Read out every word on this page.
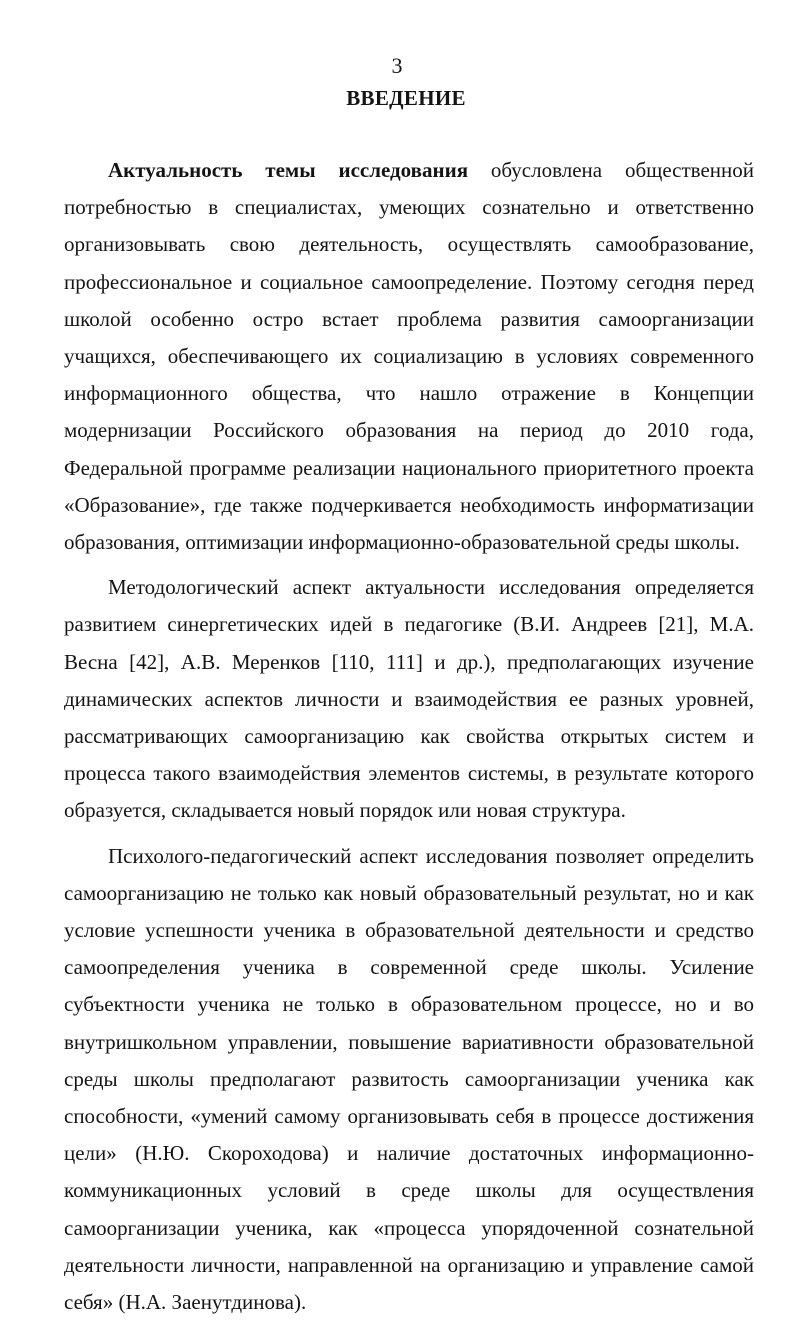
3
ВВЕДЕНИЕ

Актуальность темы исследования обусловлена общественной потребностью в специалистах, умеющих сознательно и ответственно организовывать свою деятельность, осуществлять самообразование, профессиональное и социальное самоопределение. Поэтому сегодня перед школой особенно остро встает проблема развития самоорганизации учащихся, обеспечивающего их социализацию в условиях современного информационного общества, что нашло отражение в Концепции модернизации Российского образования на период до 2010 года, Федеральной программе реализации национального приоритетного проекта «Образование», где также подчеркивается необходимость информатизации образования, оптимизации информационно-образовательной среды школы.

Методологический аспект актуальности исследования определяется развитием синергетических идей в педагогике (В.И. Андреев [21], М.А. Весна [42], А.В. Меренков [110, 111] и др.), предполагающих изучение динамических аспектов личности и взаимодействия ее разных уровней, рассматривающих самоорганизацию как свойства открытых систем и процесса такого взаимодействия элементов системы, в результате которого образуется, складывается новый порядок или новая структура.

Психолого-педагогический аспект исследования позволяет определить самоорганизацию не только как новый образовательный результат, но и как условие успешности ученика в образовательной деятельности и средство самоопределения ученика в современной среде школы. Усиление субъектности ученика не только в образовательном процессе, но и во внутришкольном управлении, повышение вариативности образовательной среды школы предполагают развитость самоорганизации ученика как способности, «умений самому организовывать себя в процессе достижения цели» (Н.Ю. Скороходова) и наличие достаточных информационно-коммуникационных условий в среде школы для осуществления самоорганизации ученика, как «процесса упорядоченной сознательной деятельности личности, направленной на организацию и управление самой себя» (Н.А. Заенутдинова).
